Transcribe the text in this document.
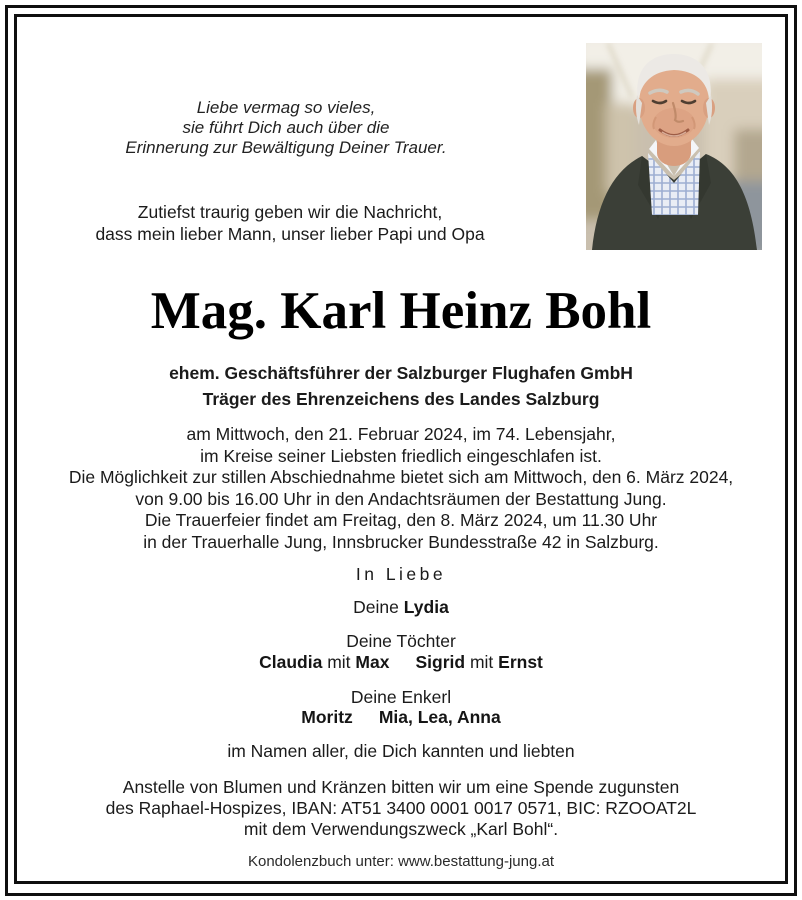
Liebe vermag so vieles,
sie führt Dich auch über die
Erinnerung zur Bewältigung Deiner Trauer.
Zutiefst traurig geben wir die Nachricht,
dass mein lieber Mann, unser lieber Papi und Opa
Mag. Karl Heinz Bohl
ehem. Geschäftsführer der Salzburger Flughafen GmbH
Träger des Ehrenzeichens des Landes Salzburg
am Mittwoch, den 21. Februar 2024, im 74. Lebensjahr,
im Kreise seiner Liebsten friedlich eingeschlafen ist.
Die Möglichkeit zur stillen Abschiednahme bietet sich am Mittwoch, den 6. März 2024,
von 9.00 bis 16.00 Uhr in den Andachtsräumen der Bestattung Jung.
Die Trauerfeier findet am Freitag, den 8. März 2024, um 11.30 Uhr
in der Trauerhalle Jung, Innsbrucker Bundesstraße 42 in Salzburg.
In Liebe
Deine Lydia
Deine Töchter
Claudia mit Max Sigrid mit Ernst
Deine Enkerl
Moritz Mia, Lea, Anna
im Namen aller, die Dich kannten und liebten
Anstelle von Blumen und Kränzen bitten wir um eine Spende zugunsten
des Raphael-Hospizes, IBAN: AT51 3400 0001 0017 0571, BIC: RZOOAT2L
mit dem Verwendungszweck „Karl Bohl“.
Kondolenzbuch unter: www.bestattung-jung.at
